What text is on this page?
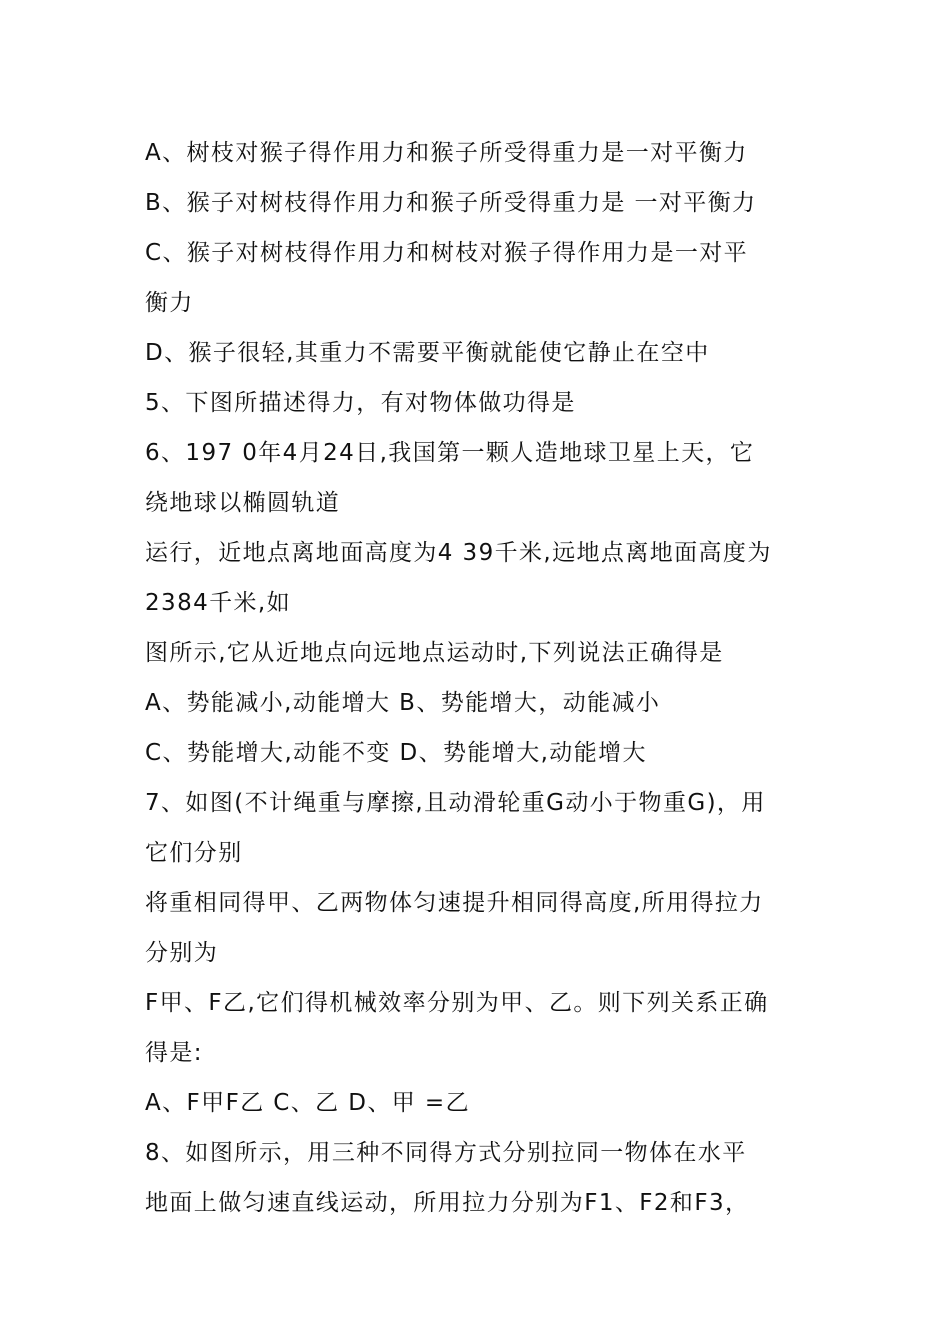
A、树枝对猴子得作用力和猴子所受得重力是一对平衡力
B、猴子对树枝得作用力和猴子所受得重力是 一对平衡力
C、猴子对树枝得作用力和树枝对猴子得作用力是一对平
衡力
D、猴子很轻,其重力不需要平衡就能使它静止在空中
5、下图所描述得力，有对物体做功得是
6、197 0年4月24日,我国第一颗人造地球卫星上天，它
绕地球以椭圆轨道
运行，近地点离地面高度为4 39千米,远地点离地面高度为
2384千米,如
图所示,它从近地点向远地点运动时,下列说法正确得是
A、势能减小,动能增大 B、势能增大，动能减小
C、势能增大,动能不变 D、势能增大,动能增大
7、如图(不计绳重与摩擦,且动滑轮重G动小于物重G)，用
它们分别
将重相同得甲、乙两物体匀速提升相同得高度,所用得拉力
分别为
F甲、F乙,它们得机械效率分别为甲、乙。则下列关系正确
得是:
A、F甲F乙 C、乙 D、甲 =乙
8、如图所示，用三种不同得方式分别拉同一物体在水平
地面上做匀速直线运动，所用拉力分别为F1、F2和F3，
